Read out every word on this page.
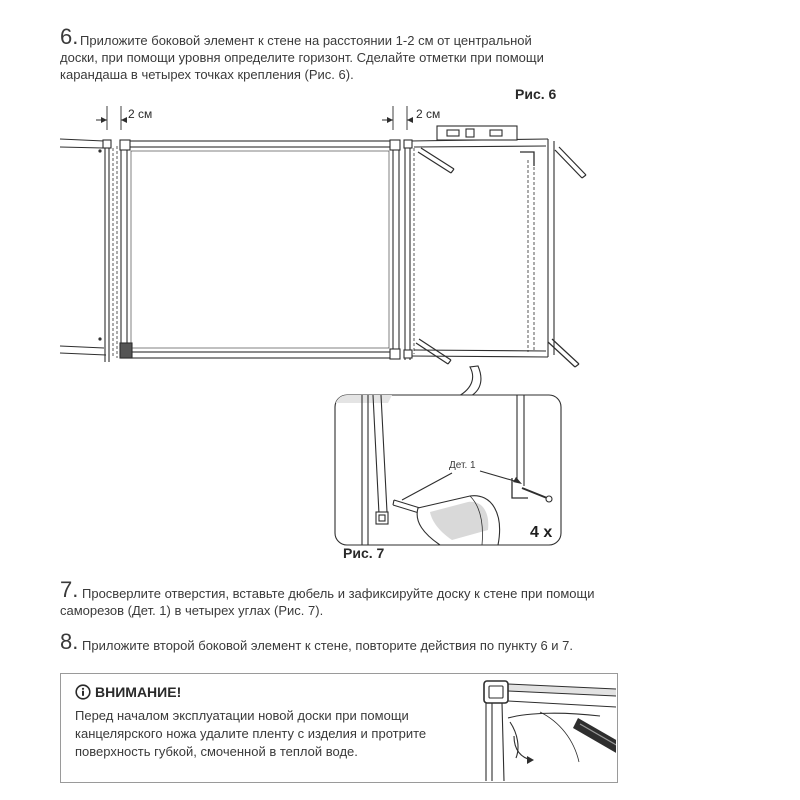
2 см	2 см
Дет. 1
4 x
6. Приложите боковой элемент к стене на расстоянии 1-2 см от центральной
доски, при помощи уровня определите горизонт. Сделайте отметки при помощи
карандаша в четырех точках крепления (Рис. 6).
Рис. 6
Рис. 7
7. Просверлите отверстия, вставьте дюбель и зафиксируйте доску к стене при помощи
саморезов (Дет. 1) в четырех углах (Рис. 7).
8. Приложите второй боковой элемент к стене, повторите действия по пункту 6 и 7.
ВНИМАНИЕ!
Перед началом эксплуатации новой доски при помощи
канцелярского ножа удалите пленту с изделия и протрите
поверхность губкой, смоченной в теплой воде.
